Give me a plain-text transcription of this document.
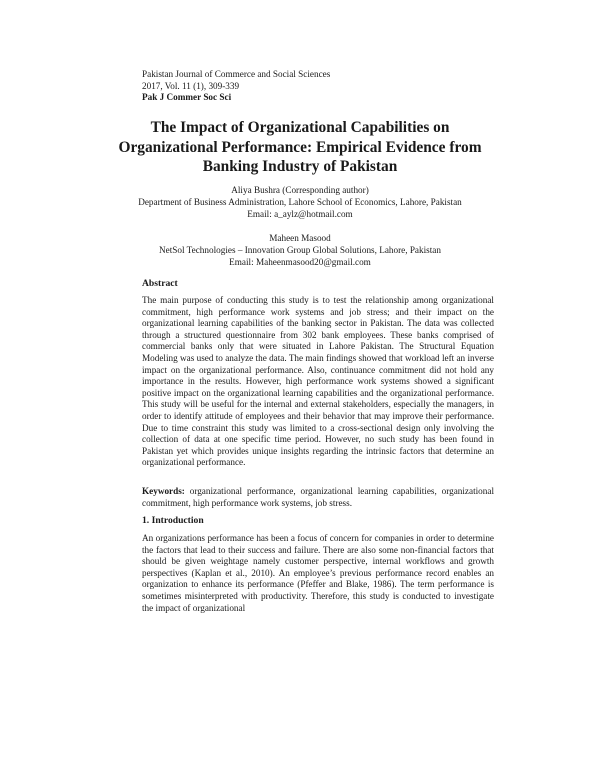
Pakistan Journal of Commerce and Social Sciences
2017, Vol. 11 (1), 309-339
Pak J Commer Soc Sci
The Impact of Organizational Capabilities on Organizational Performance: Empirical Evidence from Banking Industry of Pakistan
Aliya Bushra (Corresponding author)
Department of Business Administration, Lahore School of Economics, Lahore, Pakistan
Email: a_aylz@hotmail.com
Maheen Masood
NetSol Technologies – Innovation Group Global Solutions, Lahore, Pakistan
Email: Maheenmasood20@gmail.com
Abstract
The main purpose of conducting this study is to test the relationship among organizational commitment, high performance work systems and job stress; and their impact on the organizational learning capabilities of the banking sector in Pakistan. The data was collected through a structured questionnaire from 302 bank employees. These banks comprised of commercial banks only that were situated in Lahore Pakistan. The Structural Equation Modeling was used to analyze the data. The main findings showed that workload left an inverse impact on the organizational performance. Also, continuance commitment did not hold any importance in the results. However, high performance work systems showed a significant positive impact on the organizational learning capabilities and the organizational performance. This study will be useful for the internal and external stakeholders, especially the managers, in order to identify attitude of employees and their behavior that may improve their performance. Due to time constraint this study was limited to a cross-sectional design only involving the collection of data at one specific time period. However, no such study has been found in Pakistan yet which provides unique insights regarding the intrinsic factors that determine an organizational performance.
Keywords: organizational performance, organizational learning capabilities, organizational commitment, high performance work systems, job stress.
1. Introduction
An organizations performance has been a focus of concern for companies in order to determine the factors that lead to their success and failure. There are also some non-financial factors that should be given weightage namely customer perspective, internal workflows and growth perspectives (Kaplan et al., 2010). An employee’s previous performance record enables an organization to enhance its performance (Pfeffer and Blake, 1986). The term performance is sometimes misinterpreted with productivity. Therefore, this study is conducted to investigate the impact of organizational
